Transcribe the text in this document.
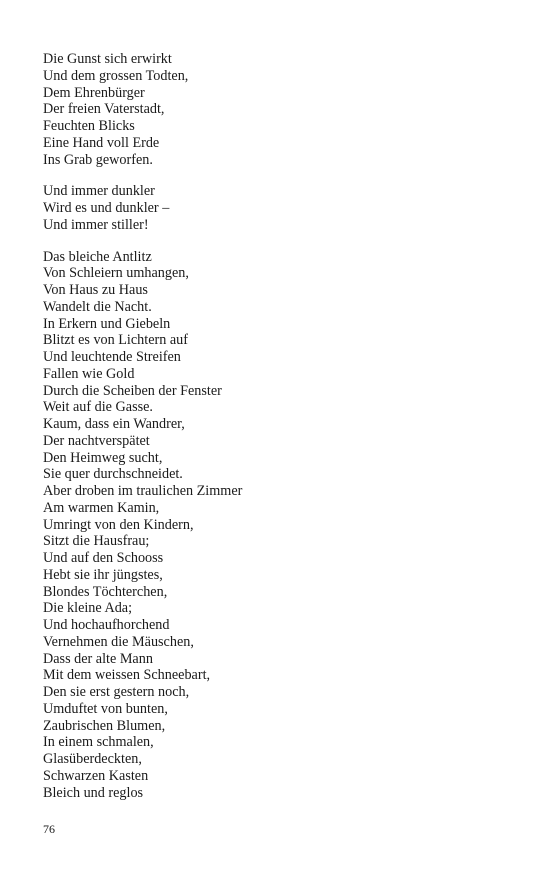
Die Gunst sich erwirkt
Und dem grossen Todten,
Dem Ehrenbürger
Der freien Vaterstadt,
Feuchten Blicks
Eine Hand voll Erde
Ins Grab geworfen.
Und immer dunkler
Wird es und dunkler –
Und immer stiller!
Das bleiche Antlitz
Von Schleiern umhangen,
Von Haus zu Haus
Wandelt die Nacht.
In Erkern und Giebeln
Blitzt es von Lichtern auf
Und leuchtende Streifen
Fallen wie Gold
Durch die Scheiben der Fenster
Weit auf die Gasse.
Kaum, dass ein Wandrer,
Der nachtverspätet
Den Heimweg sucht,
Sie quer durchschneidet.
Aber droben im traulichen Zimmer
Am warmen Kamin,
Umringt von den Kindern,
Sitzt die Hausfrau;
Und auf den Schooss
Hebt sie ihr jüngstes,
Blondes Töchterchen,
Die kleine Ada;
Und hochaufhorchend
Vernehmen die Mäuschen,
Dass der alte Mann
Mit dem weissen Schneebart,
Den sie erst gestern noch,
Umduftet von bunten,
Zaubrischen Blumen,
In einem schmalen,
Glasüberdeckten,
Schwarzen Kasten
Bleich und reglos
76
